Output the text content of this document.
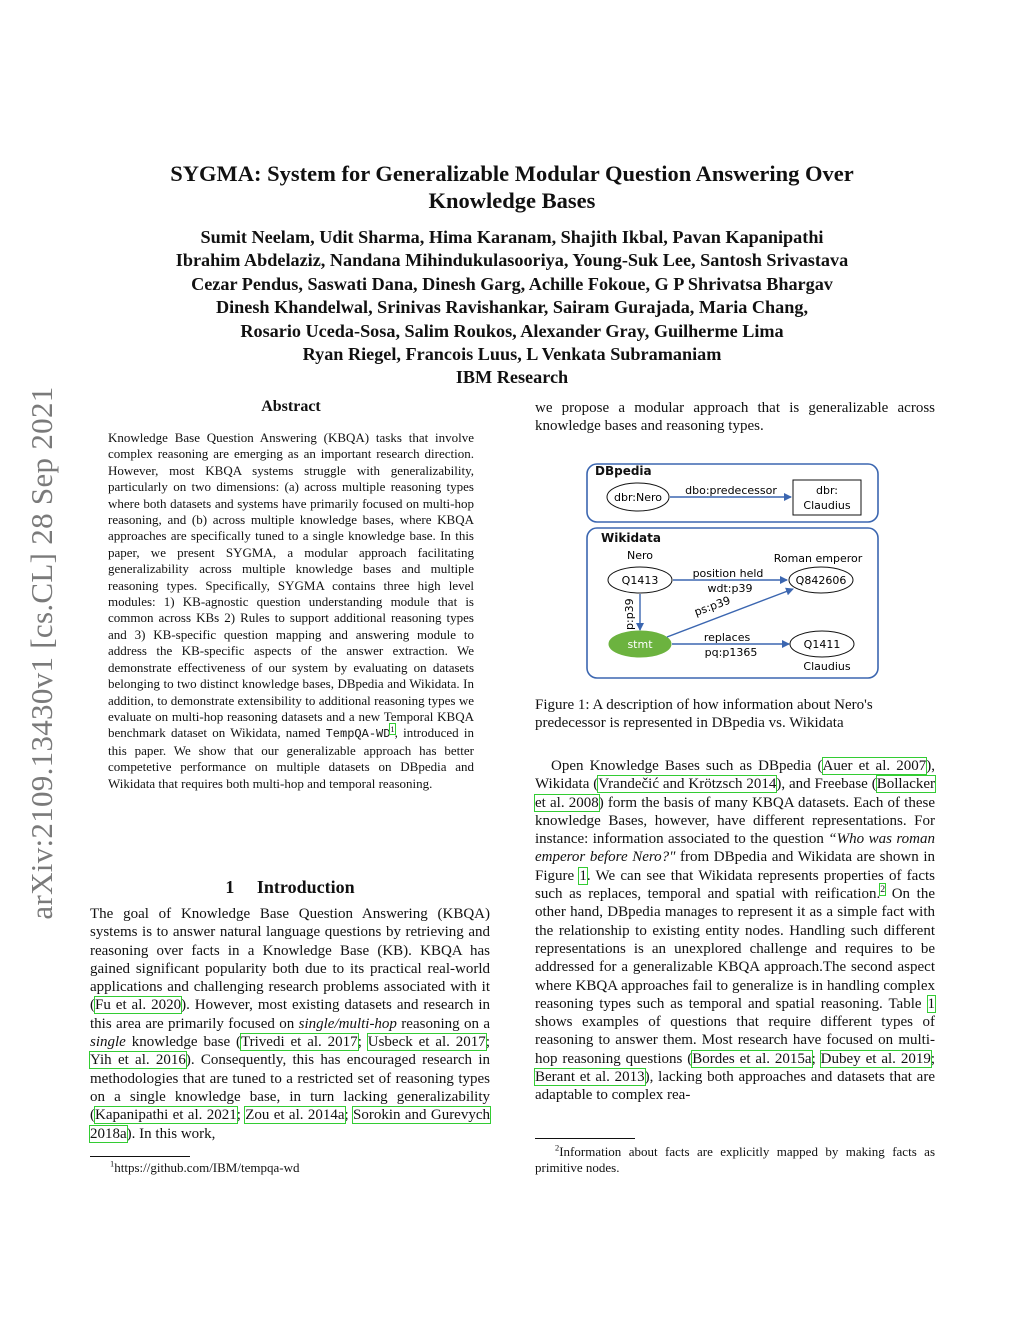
arXiv:2109.13430v1 [cs.CL] 28 Sep 2021
SYGMA: System for Generalizable Modular Question Answering Over
Knowledge Bases
Sumit Neelam, Udit Sharma, Hima Karanam, Shajith Ikbal, Pavan Kapanipathi
Ibrahim Abdelaziz, Nandana Mihindukulasooriya, Young-Suk Lee, Santosh Srivastava
Cezar Pendus, Saswati Dana, Dinesh Garg, Achille Fokoue, G P Shrivatsa Bhargav
Dinesh Khandelwal, Srinivas Ravishankar, Sairam Gurajada, Maria Chang,
Rosario Uceda-Sosa, Salim Roukos, Alexander Gray, Guilherme Lima
Ryan Riegel, Francois Luus, L Venkata Subramaniam
IBM Research
Abstract
Knowledge Base Question Answering (KBQA) tasks that involve complex reasoning are emerging as an important research direction. However, most KBQA systems struggle with generalizability, particularly on two dimensions: (a) across multiple reasoning types where both datasets and systems have primarily focused on multi-hop reasoning, and (b) across multiple knowledge bases, where KBQA approaches are specifically tuned to a single knowledge base. In this paper, we present SYGMA, a modular approach facilitating generalizability across multiple knowledge bases and multiple reasoning types. Specifically, SYGMA contains three high level modules: 1) KB-agnostic question understanding module that is common across KBs 2) Rules to support additional reasoning types and 3) KB-specific question mapping and answering module to address the KB-specific aspects of the answer extraction. We demonstrate effectiveness of our system by evaluating on datasets belonging to two distinct knowledge bases, DBpedia and Wikidata. In addition, to demonstrate extensibility to additional reasoning types we evaluate on multi-hop reasoning datasets and a new Temporal KBQA benchmark dataset on Wikidata, named TempQA-WD$^1$, introduced in this paper. We show that our generalizable approach has better competetive performance on multiple datasets on DBpedia and Wikidata that requires both multi-hop and temporal reasoning.
1     Introduction
The goal of Knowledge Base Question Answering (KBQA) systems is to answer natural language questions by retrieving and reasoning over facts in a Knowledge Base (KB). KBQA has gained significant popularity both due to its practical real-world applications and challenging research problems associated with it (Fu et al. 2020). However, most existing datasets and research in this area are primarily focused on single/multi-hop reasoning on a single knowledge base (Trivedi et al. 2017; Usbeck et al. 2017; Yih et al. 2016). Consequently, this has encouraged research in methodologies that are tuned to a restricted set of reasoning types on a single knowledge base, in turn lacking generalizability (Kapanipathi et al. 2021; Zou et al. 2014a; Sorokin and Gurevych 2018a). In this work,
$^1$https://github.com/IBM/tempqa-wd
we propose a modular approach that is generalizable across knowledge bases and reasoning types.
DBpedia
dbr:Nero
dbo:predecessor	dbr:
Claudius
Wikidata
Nero
Q1413
Roman emperor
Q842606
position held
wdt:p39
p:p39
stmt
ps:p39
replaces
pq:p1365
Q1411
Claudius
Figure 1: A description of how information about Nero's predecessor is represented in DBpedia vs. Wikidata
Open Knowledge Bases such as DBpedia (Auer et al. 2007), Wikidata (Vrandečić and Krötzsch 2014), and Freebase (Bollacker et al. 2008) form the basis of many KBQA datasets. Each of these knowledge Bases, however, have different representations. For instance: information associated to the question “Who was roman emperor before Nero?" from DBpedia and Wikidata are shown in Figure 1. We can see that Wikidata represents properties of facts such as replaces, temporal and spatial with reification.$^2$ On the other hand, DBpedia manages to represent it as a simple fact with the relationship to existing entity nodes. Handling such different representations is an unexplored challenge and requires to be addressed for a generalizable KBQA approach.The second aspect where KBQA approaches fail to generalize is in handling complex reasoning types such as temporal and spatial reasoning. Table 1 shows examples of questions that require different types of reasoning to answer them. Most research have focused on multi-hop reasoning questions (Bordes et al. 2015a; Dubey et al. 2019; Berant et al. 2013), lacking both approaches and datasets that are adaptable to complex rea-
$^2$Information about facts are explicitly mapped by making facts as primitive nodes.
